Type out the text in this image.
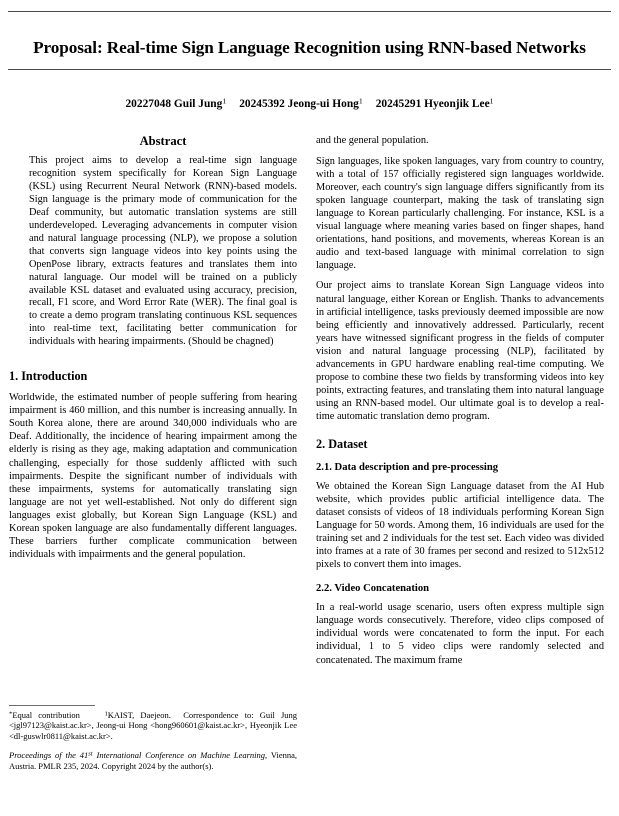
Proposal: Real-time Sign Language Recognition using RNN-based Networks
20227048 Guil Jung$^1$ 20245392 Jeong-ui Hong$^1$ 20245291 Hyeonjik Lee$^1$
Abstract

This project aims to develop a real-time sign language recognition system specifically for Korean Sign Language (KSL) using Recurrent Neural Network (RNN)-based models. Sign language is the primary mode of communication for the Deaf community, but automatic translation systems are still underdeveloped. Leveraging advancements in computer vision and natural language processing (NLP), we propose a solution that converts sign language videos into key points using the OpenPose library, extracts features and translates them into natural language. Our model will be trained on a publicly available KSL dataset and evaluated using accuracy, precision, recall, F1 score, and Word Error Rate (WER). The final goal is to create a demo program translating continuous KSL sequences into real-time text, facilitating better communication for individuals with hearing impairments. (Should be chagned)

1. Introduction

Worldwide, the estimated number of people suffering from hearing impairment is 460 million, and this number is increasing annually. In South Korea alone, there are around 340,000 individuals who are Deaf. Additionally, the incidence of hearing impairment among the elderly is rising as they age, making adaptation and communication challenging, especially for those suddenly afflicted with such impairments. Despite the significant number of individuals with these impairments, systems for automatically translating sign language are not yet well-established. Not only do different sign languages exist globally, but Korean Sign Language (KSL) and Korean spoken language are also fundamentally different languages. These barriers further complicate communication between individuals with impairments and the general population.

and the general population.

Sign languages, like spoken languages, vary from country to country, with a total of 157 officially registered sign languages worldwide. Moreover, each country's sign language differs significantly from its spoken language counterpart, making the task of translating sign language to Korean particularly challenging. For instance, KSL is a visual language where meaning varies based on finger shapes, hand orientations, hand positions, and movements, whereas Korean is an audio and text-based language with minimal correlation to sign language.

Our project aims to translate Korean Sign Language videos into natural language, either Korean or English. Thanks to advancements in artificial intelligence, tasks previously deemed impossible are now being efficiently and innovatively addressed. Particularly, recent years have witnessed significant progress in the fields of computer vision and natural language processing (NLP), facilitated by advancements in GPU hardware enabling real-time computing. We propose to combine these two fields by transforming videos into key points, extracting features, and translating them into natural language using an RNN-based model. Our ultimate goal is to develop a real-time automatic translation demo program.

2. Dataset
2.1. Data description and pre-processing

We obtained the Korean Sign Language dataset from the AI Hub website, which provides public artificial intelligence data. The dataset consists of videos of 18 individuals performing Korean Sign Language for 50 words. Among them, 16 individuals are used for the training set and 2 individuals for the test set. Each video was divided into frames at a rate of 30 frames per second and resized to 512x512 pixels to convert them into images.

2.2. Video Concatenation

In a real-world usage scenario, users often express multiple sign language words consecutively. Therefore, video clips composed of individual words were concatenated to form the input. For each individual, 1 to 5 video clips were randomly selected and concatenated. The maximum frame

*Equal contribution	$^1$KAIST, Daejeon. Correspondence to: Guil Jung <jgl97123@kaist.ac.kr>, Jeong-ui Hong <hong960601@kaist.ac.kr>, Hyeonjik Lee <dl-guswlr0811@kaist.ac.kr>.

Proceedings of the 41st International Conference on Machine Learning, Vienna, Austria. PMLR 235, 2024. Copyright 2024 by the author(s).
